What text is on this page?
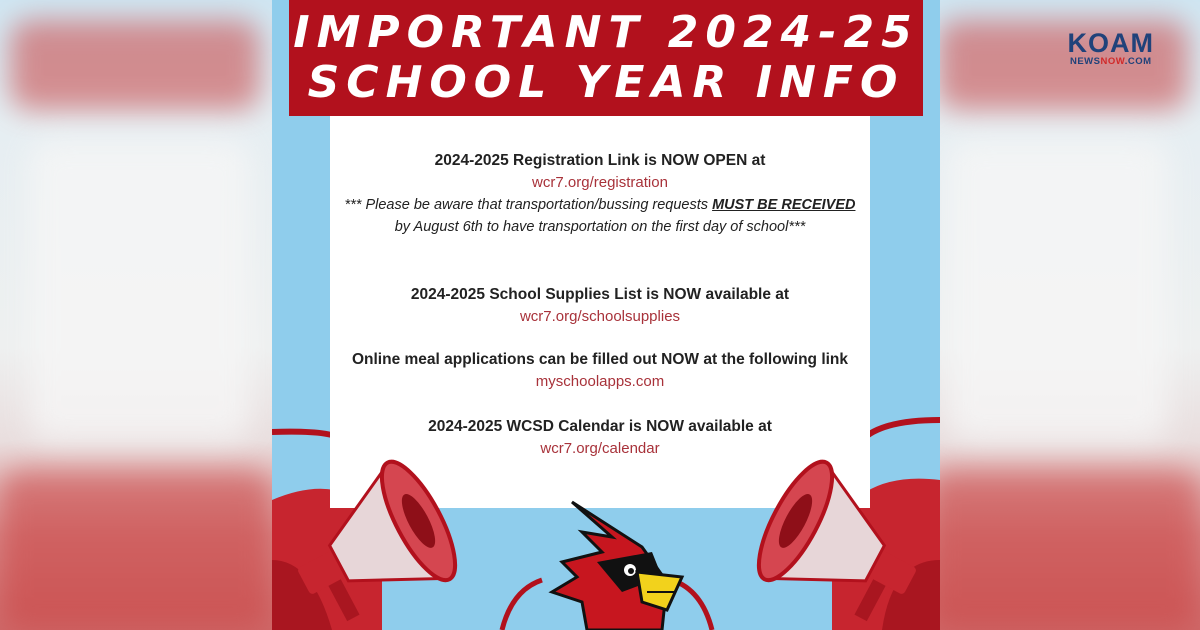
IMPORTANT 2024-25
SCHOOL YEAR INFO
2024-2025 Registration Link is NOW OPEN at
wcr7.org/registration
*** Please be aware that transportation/bussing requests MUST BE RECEIVED by August 6th to have transportation on the first day of school***
2024-2025 School Supplies List is NOW available at
wcr7.org/schoolsupplies
Online meal applications can be filled out NOW at the following link
myschoolapps.com
2024-2025 WCSD Calendar is NOW available at
wcr7.org/calendar
KOAM
NEWSNOW.COM
